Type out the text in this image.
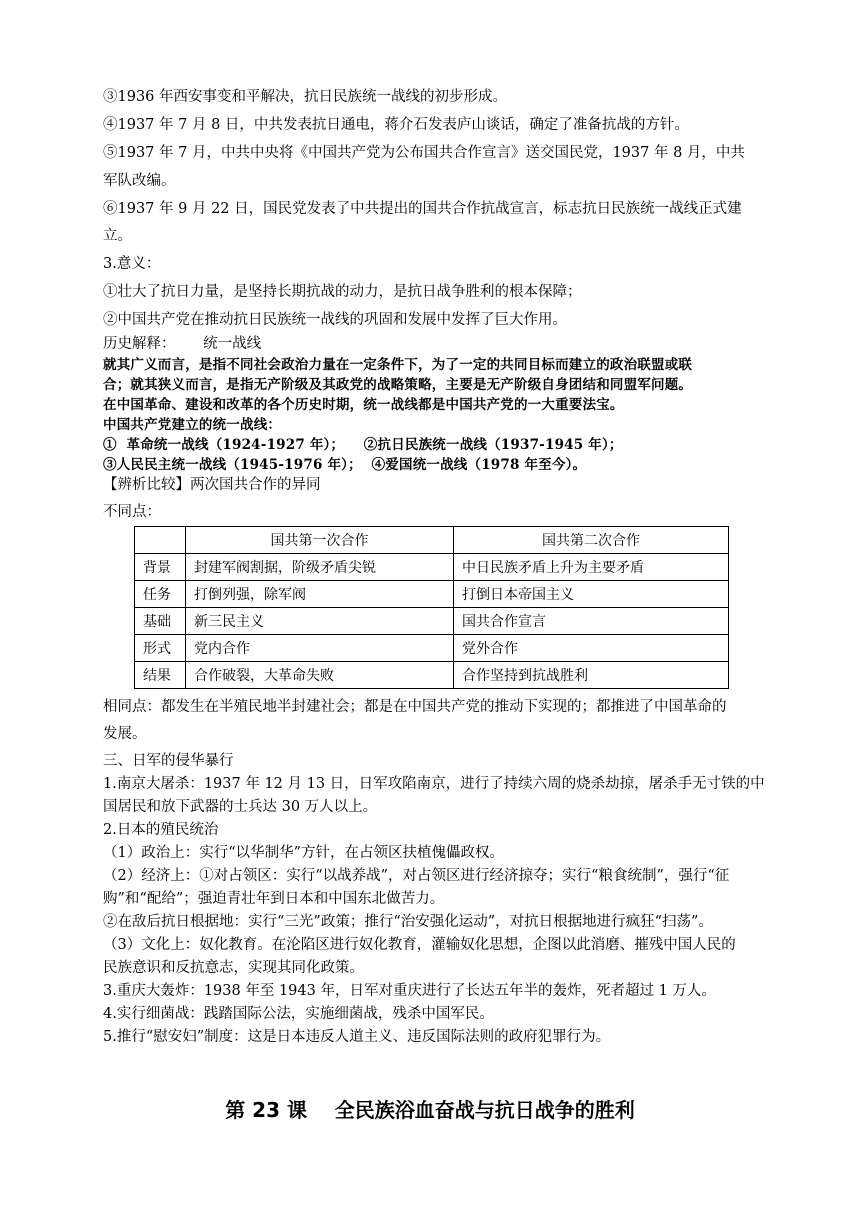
③1936 年西安事变和平解决，抗日民族统一战线的初步形成。
④1937 年 7 月 8 日，中共发表抗日通电，蒋介石发表庐山谈话，确定了准备抗战的方针。
⑤1937 年 7 月，中共中央将《中国共产党为公布国共合作宣言》送交国民党，1937 年 8 月，中共
军队改编。
⑥1937 年 9 月 22 日，国民党发表了中共提出的国共合作抗战宣言，标志抗日民族统一战线正式建
立。
3.意义：
①壮大了抗日力量，是坚持长期抗战的动力，是抗日战争胜利的根本保障；
②中国共产党在推动抗日民族统一战线的巩固和发展中发挥了巨大作用。
历史解释：      统一战线
就其广义而言，是指不同社会政治力量在一定条件下，为了一定的共同目标而建立的政治联盟或联
合；就其狭义而言，是指无产阶级及其政党的战略策略，主要是无产阶级自身团结和同盟军问题。
在中国革命、建设和改革的各个历史时期，统一战线都是中国共产党的一大重要法宝。
中国共产党建立的统一战线：
①  革命统一战线（1924-1927 年）；    ②抗日民族统一战线（1937-1945 年）；
③人民民主统一战线（1945-1976 年）；  ④爱国统一战线（1978 年至今）。
【辨析比较】两次国共合作的异同
不同点：
	国共第一次合作	国共第二次合作
背景	封建军阀割据，阶级矛盾尖锐	中日民族矛盾上升为主要矛盾
任务	打倒列强，除军阀	打倒日本帝国主义
基础	新三民主义	国共合作宣言
形式	党内合作	党外合作
结果	合作破裂，大革命失败	合作坚持到抗战胜利
相同点：都发生在半殖民地半封建社会；都是在中国共产党的推动下实现的；都推进了中国革命的
发展。
三、日军的侵华暴行
1.南京大屠杀：1937 年 12 月 13 日，日军攻陷南京，进行了持续六周的烧杀劫掠，屠杀手无寸铁的中
国居民和放下武器的士兵达 30 万人以上。
2.日本的殖民统治
（1）政治上：实行“以华制华”方针，在占领区扶植傀儡政权。
（2）经济上：①对占领区：实行“以战养战”，对占领区进行经济掠夺；实行“粮食统制”，强行“征
购”和“配给”；强迫青壮年到日本和中国东北做苦力。
②在敌后抗日根据地：实行“三光”政策；推行“治安强化运动”，对抗日根据地进行疯狂“扫荡”。
（3）文化上：奴化教育。在沦陷区进行奴化教育，灌输奴化思想，企图以此消磨、摧残中国人民的
民族意识和反抗意志，实现其同化政策。
3.重庆大轰炸：1938 年至 1943 年，日军对重庆进行了长达五年半的轰炸，死者超过 1 万人。
4.实行细菌战：践踏国际公法，实施细菌战，残杀中国军民。
5.推行“慰安妇”制度：这是日本违反人道主义、违反国际法则的政府犯罪行为。
第 23 课    全民族浴血奋战与抗日战争的胜利
